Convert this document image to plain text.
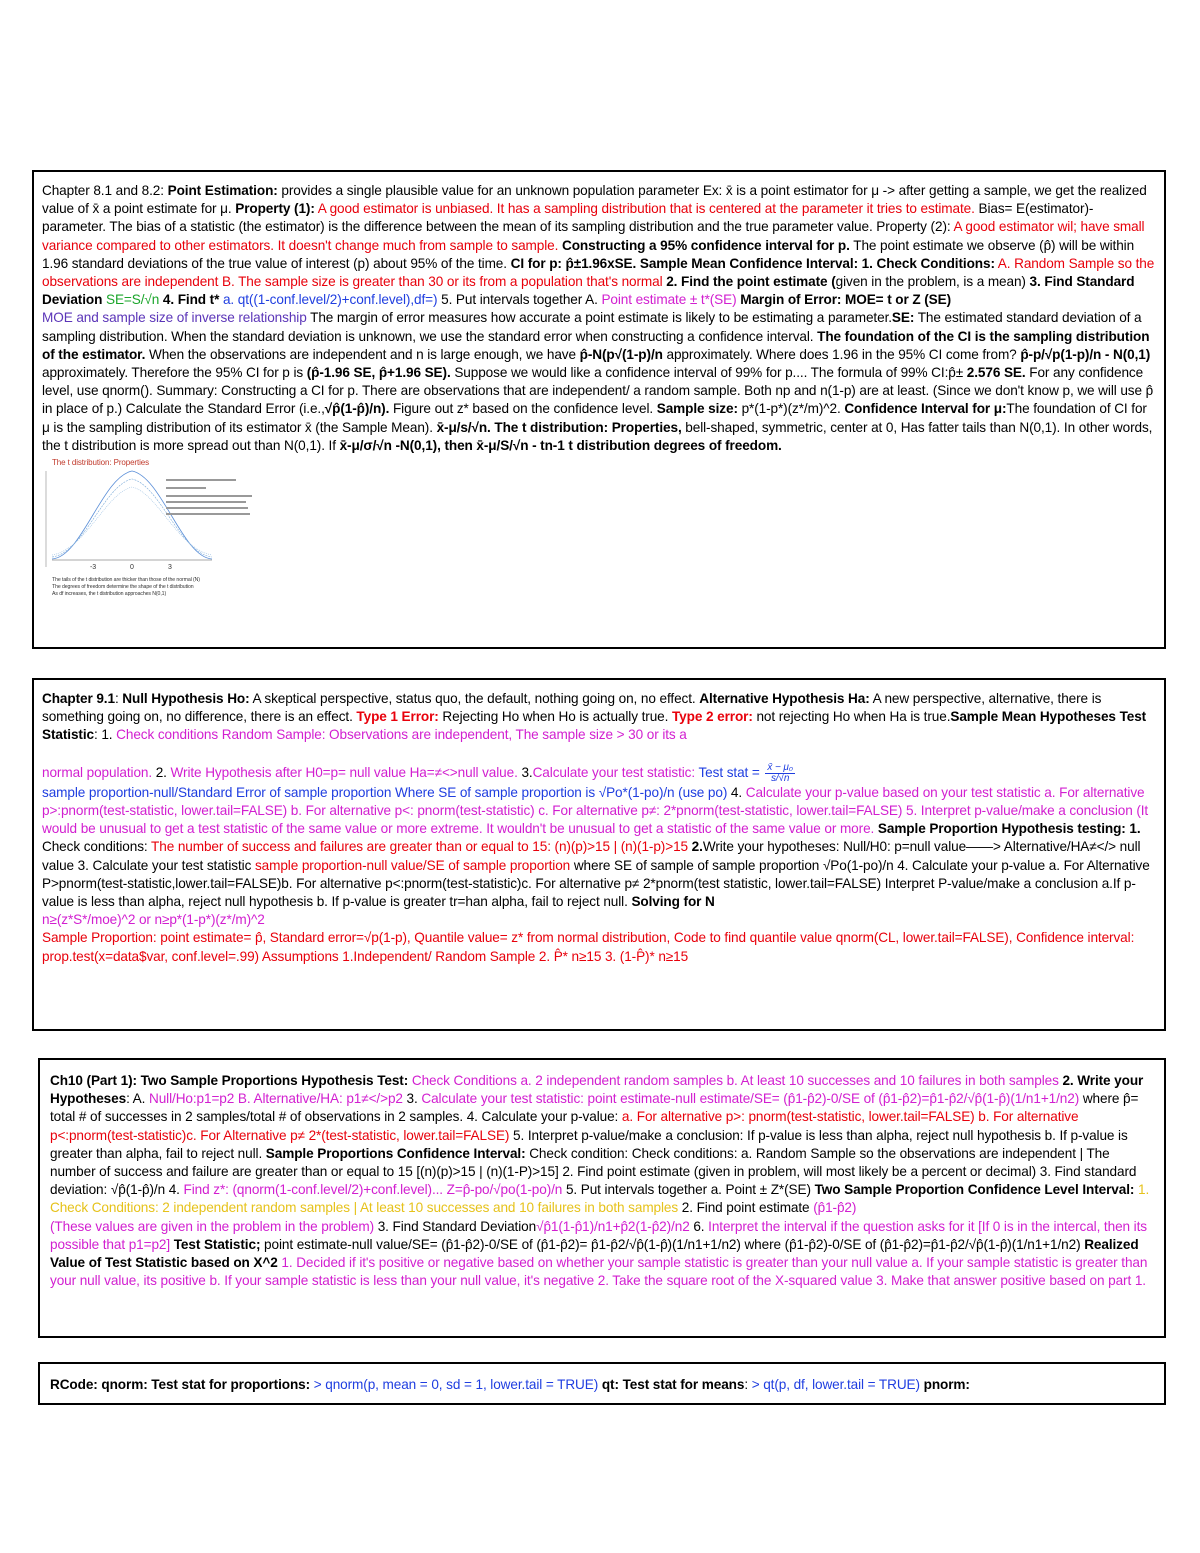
Chapter 8.1 and 8.2: Point Estimation: provides a single plausible value for an unknown population parameter Ex: x̄ is a point estimator for μ -> after getting a sample, we get the realized value of x̄ a point estimate for μ. Property (1): A good estimator is unbiased. It has a sampling distribution that is centered at the parameter it tries to estimate. Bias= E(estimator)- parameter. The bias of a statistic (the estimator) is the difference between the mean of its sampling distribution and the true parameter value. Property (2): A good estimator wil; have small variance compared to other estimators. It doesn't change much from sample to sample. Constructing a 95% confidence interval for p. The point estimate we observe (p̂) will be within 1.96 standard deviations of the true value of interest (p) about 95% of the time. CI for p: p̂±1.96xSE. Sample Mean Confidence Interval: 1. Check Conditions: A. Random Sample so the observations are independent B. The sample size is greater than 30 or its from a population that's normal 2. Find the point estimate (given in the problem, is a mean) 3. Find Standard Deviation SE=S/√n 4. Find t* a. qt((1-conf.level/2)+conf.level),df=) 5. Put intervals together A. Point estimate ± t*(SE) Margin of Error: MOE= t or Z (SE)
MOE and sample size of inverse relationship The margin of error measures how accurate a point estimate is likely to be estimating a parameter.SE: The estimated standard deviation of a sampling distribution. When the standard deviation is unknown, we use the standard error when constructing a confidence interval. The foundation of the CI is the sampling distribution of the estimator. When the observations are independent and n is large enough, we have p̂-N(p√(1-p)/n approximately. Where does 1.96 in the 95% CI come from? p̂-p/√p(1-p)/n - N(0,1) approximately. Therefore the 95% CI for p is (p̂-1.96 SE, p̂+1.96 SE). Suppose we would like a confidence interval of 99% for p.... The formula of 99% CI:p̂± 2.576 SE. For any confidence level, use qnorm(). Summary: Constructing a CI for p. There are observations that are independent/ a random sample. Both np and n(1-p) are at least. (Since we don't know p, we will use p̂ in place of p.) Calculate the Standard Error (i.e.,√p̂(1-p̂)/n). Figure out z* based on the confidence level. Sample size: p*(1-p*)(z*/m)^2. Confidence Interval for μ:The foundation of CI for μ is the sampling distribution of its estimator x̄ (the Sample Mean). x̄-μ/s/√n. The t distribution: Properties, bell-shaped, symmetric, center at 0, Has fatter tails than N(0,1). In other words, the t distribution is more spread out than N(0,1). If x̄-μ/σ/√n -N(0,1), then x̄-μ/S/√n - tn-1 t distribution degrees of freedom.

The t distribution: Properties
-3	0	3
The tails of the t distribution are thicker than those of the normal (N)
The degrees of freedom determine the shape of the t distribution
As df increases, the t distribution approaches N(0,1)

Chapter 9.1: Null Hypothesis Ho: A skeptical perspective, status quo, the default, nothing going on, no effect. Alternative Hypothesis Ha: A new perspective, alternative, there is something going on, no difference, there is an effect. Type 1 Error: Rejecting Ho when Ho is actually true. Type 2 error: not rejecting Ho when Ha is true.Sample Mean Hypotheses Test Statistic: 1. Check conditions Random Sample: Observations are independent, The sample size > 30 or its a

normal population. 2. Write Hypothesis after H0=p= null value Ha=≠<>null value. 3.Calculate your test statistic: Test stat = $\frac{\text{x̄ − μ₀}}{s/√n}$

sample proportion-null/Standard Error of sample proportion Where SE of sample proportion is √Po*(1-po)/n (use po) 4. Calculate your p-value based on your test statistic a. For alternative p>:pnorm(test-statistic, lower.tail=FALSE) b. For alternative p<: pnorm(test-statistic) c. For alternative p≠: 2*pnorm(test-statistic, lower.tail=FALSE) 5. Interpret p-value/make a conclusion (It would be unusual to get a test statistic of the same value or more extreme. It wouldn't be unusual to get a statistic of the same value or more. Sample Proportion Hypothesis testing: 1. Check conditions: The number of success and failures are greater than or equal to 15: (n)(p)>15 | (n)(1-p)>15 2.Write your hypotheses: Null/H0: p=null value——> Alternative/HA≠</> null value 3. Calculate your test statistic sample proportion-null value/SE of sample proportion where SE of sample of sample proportion √Po(1-po)/n 4. Calculate your p-value a. For Alternative P>pnorm(test-statistic,lower.tail=FALSE)b. For alternative p<:pnorm(test-statistic)c. For alternative p≠ 2*pnorm(test statistic, lower.tail=FALSE) Interpret P-value/make a conclusion a.If p-value is less than alpha, reject null hypothesis b. If p-value is greater tr=han alpha, fail to reject null. Solving for N
n≥(z*S*/moe)^2 or n≥p*(1-p*)(z*/m)^2
Sample Proportion: point estimate= p̂, Standard error=√p(1-p), Quantile value= z* from normal distribution, Code to find quantile value qnorm(CL, lower.tail=FALSE), Confidence interval: prop.test(x=data$var, conf.level=.99) Assumptions 1.Independent/ Random Sample 2. P̂* n≥15 3. (1-P̂)* n≥15

Ch10 (Part 1): Two Sample Proportions Hypothesis Test: Check Conditions a. 2 independent random samples b. At least 10 successes and 10 failures in both samples 2. Write your Hypotheses: A. Null/Ho:p1=p2 B. Alternative/HA: p1≠</>p2 3. Calculate your test statistic: point estimate-null estimate/SE= (p̂1-p̂2)-0/SE of (p̂1-p̂2)=p̂1-p̂2/√p̂(1-p̂)(1/n1+1/n2) where p̂= total # of successes in 2 samples/total # of observations in 2 samples. 4. Calculate your p-value: a. For alternative p>: pnorm(test-statistic, lower.tail=FALSE) b. For alternative p<:pnorm(test-statistic)c. For Alternative p≠ 2*(test-statistic, lower.tail=FALSE) 5. Interpret p-value/make a conclusion: If p-value is less than alpha, reject null hypothesis b. If p-value is greater than alpha, fail to reject null. Sample Proportions Confidence Interval: Check condition: Check conditions: a. Random Sample so the observations are independent | The number of success and failure are greater than or equal to 15 [(n)(p)>15 | (n)(1-P)>15] 2. Find point estimate (given in problem, will most likely be a percent or decimal) 3. Find standard deviation: √p̂(1-p̂)/n 4. Find z*: (qnorm(1-conf.level/2)+conf.level)... Z=p̂-po/√po(1-po)/n 5. Put intervals together a. Point ± Z*(SE) Two Sample Proportion Confidence Level Interval: 1. Check Conditions: 2 independent random samples | At least 10 successes and 10 failures in both samples 2. Find point estimate (p̂1-p̂2)
(These values are given in the problem in the problem) 3. Find Standard Deviation√p̂1(1-p̂1)/n1+p̂2(1-p̂2)/n2 6. Interpret the interval if the question asks for it [If 0 is in the intercal, then its possible that p1=p2] Test Statistic; point estimate-null value/SE= (p̂1-p̂2)-0/SE of (p̂1-p̂2)= p̂1-p̂2/√p̂(1-p̂)(1/n1+1/n2) where (p̂1-p̂2)-0/SE of (p̂1-p̂2)=p̂1-p̂2/√p̂(1-p̂)(1/n1+1/n2) Realized Value of Test Statistic based on X^2 1. Decided if it's positive or negative based on whether your sample statistic is greater than your null value a. If your sample statistic is greater than your null value, its positive b. If your sample statistic is less than your null value, it's negative 2. Take the square root of the X-squared value 3. Make that answer positive based on part 1.

RCode: qnorm: Test stat for proportions: > qnorm(p, mean = 0, sd = 1, lower.tail = TRUE) qt: Test stat for means: > qt(p, df, lower.tail = TRUE) pnorm:
